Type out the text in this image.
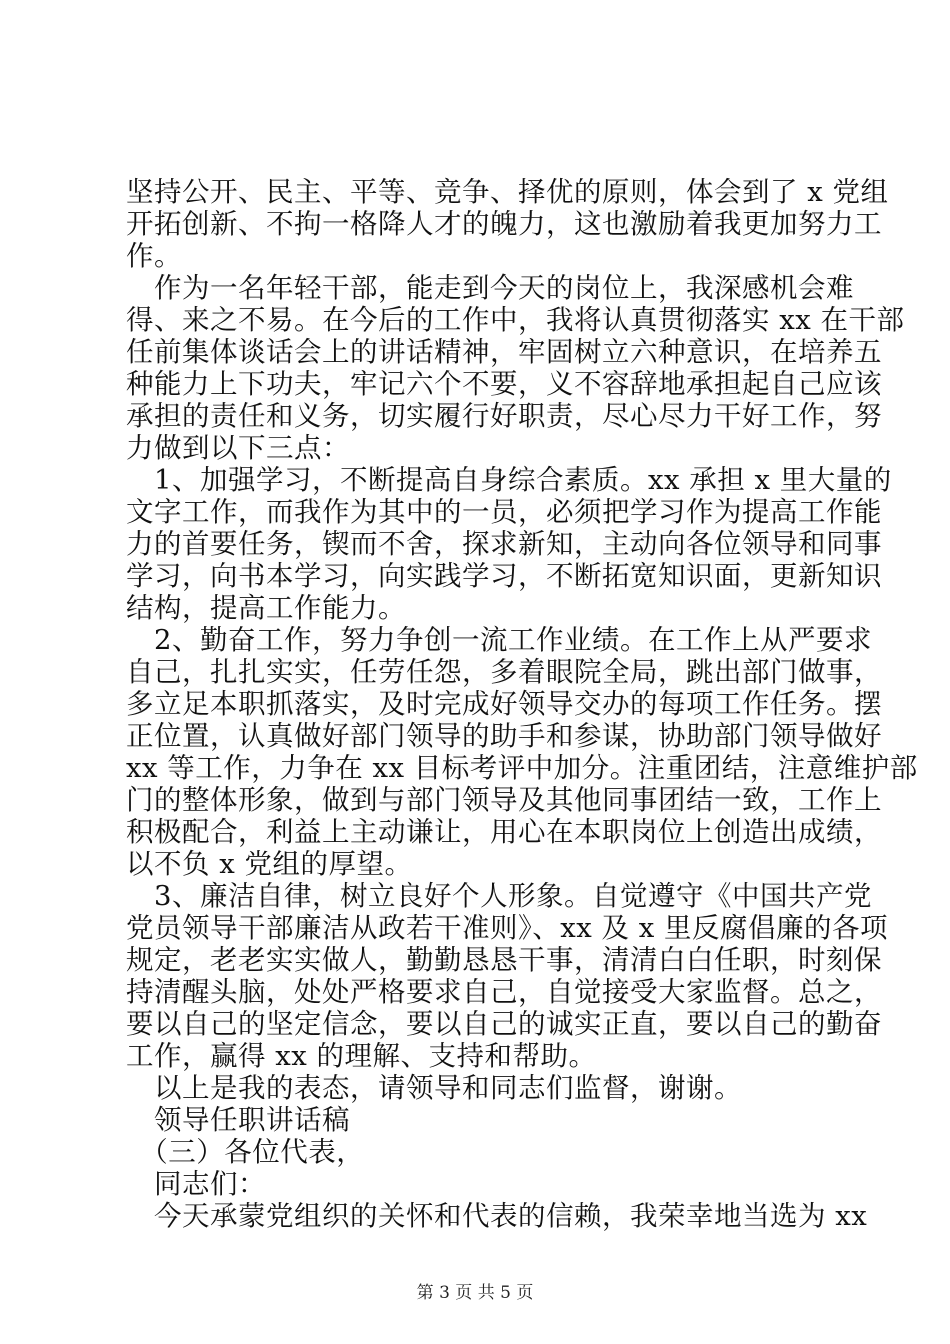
坚持公开、民主、平等、竞争、择优的原则，体会到了 x 党组
开拓创新、不拘一格降人才的魄力，这也激励着我更加努力工
作。
　作为一名年轻干部，能走到今天的岗位上，我深感机会难
得、来之不易。在今后的工作中，我将认真贯彻落实 xx 在干部
任前集体谈话会上的讲话精神，牢固树立六种意识，在培养五
种能力上下功夫，牢记六个不要，义不容辞地承担起自己应该
承担的责任和义务，切实履行好职责，尽心尽力干好工作，努
力做到以下三点：
　1、加强学习，不断提高自身综合素质。xx 承担 x 里大量的
文字工作，而我作为其中的一员，必须把学习作为提高工作能
力的首要任务，锲而不舍，探求新知，主动向各位领导和同事
学习，向书本学习，向实践学习，不断拓宽知识面，更新知识
结构，提高工作能力。
　2、勤奋工作，努力争创一流工作业绩。在工作上从严要求
自己，扎扎实实，任劳任怨，多着眼院全局，跳出部门做事，
多立足本职抓落实，及时完成好领导交办的每项工作任务。摆
正位置，认真做好部门领导的助手和参谋，协助部门领导做好
xx 等工作，力争在 xx 目标考评中加分。注重团结，注意维护部
门的整体形象，做到与部门领导及其他同事团结一致，工作上
积极配合，利益上主动谦让，用心在本职岗位上创造出成绩，
以不负 x 党组的厚望。
　3、廉洁自律，树立良好个人形象。自觉遵守《中国共产党
党员领导干部廉洁从政若干准则》、xx 及 x 里反腐倡廉的各项
规定，老老实实做人，勤勤恳恳干事，清清白白任职，时刻保
持清醒头脑，处处严格要求自己，自觉接受大家监督。总之，
要以自己的坚定信念，要以自己的诚实正直，要以自己的勤奋
工作，赢得 xx 的理解、支持和帮助。
　以上是我的表态，请领导和同志们监督，谢谢。
　领导任职讲话稿
　（三）各位代表，
　同志们：
　今天承蒙党组织的关怀和代表的信赖，我荣幸地当选为 xx
第 3 页 共 5 页
